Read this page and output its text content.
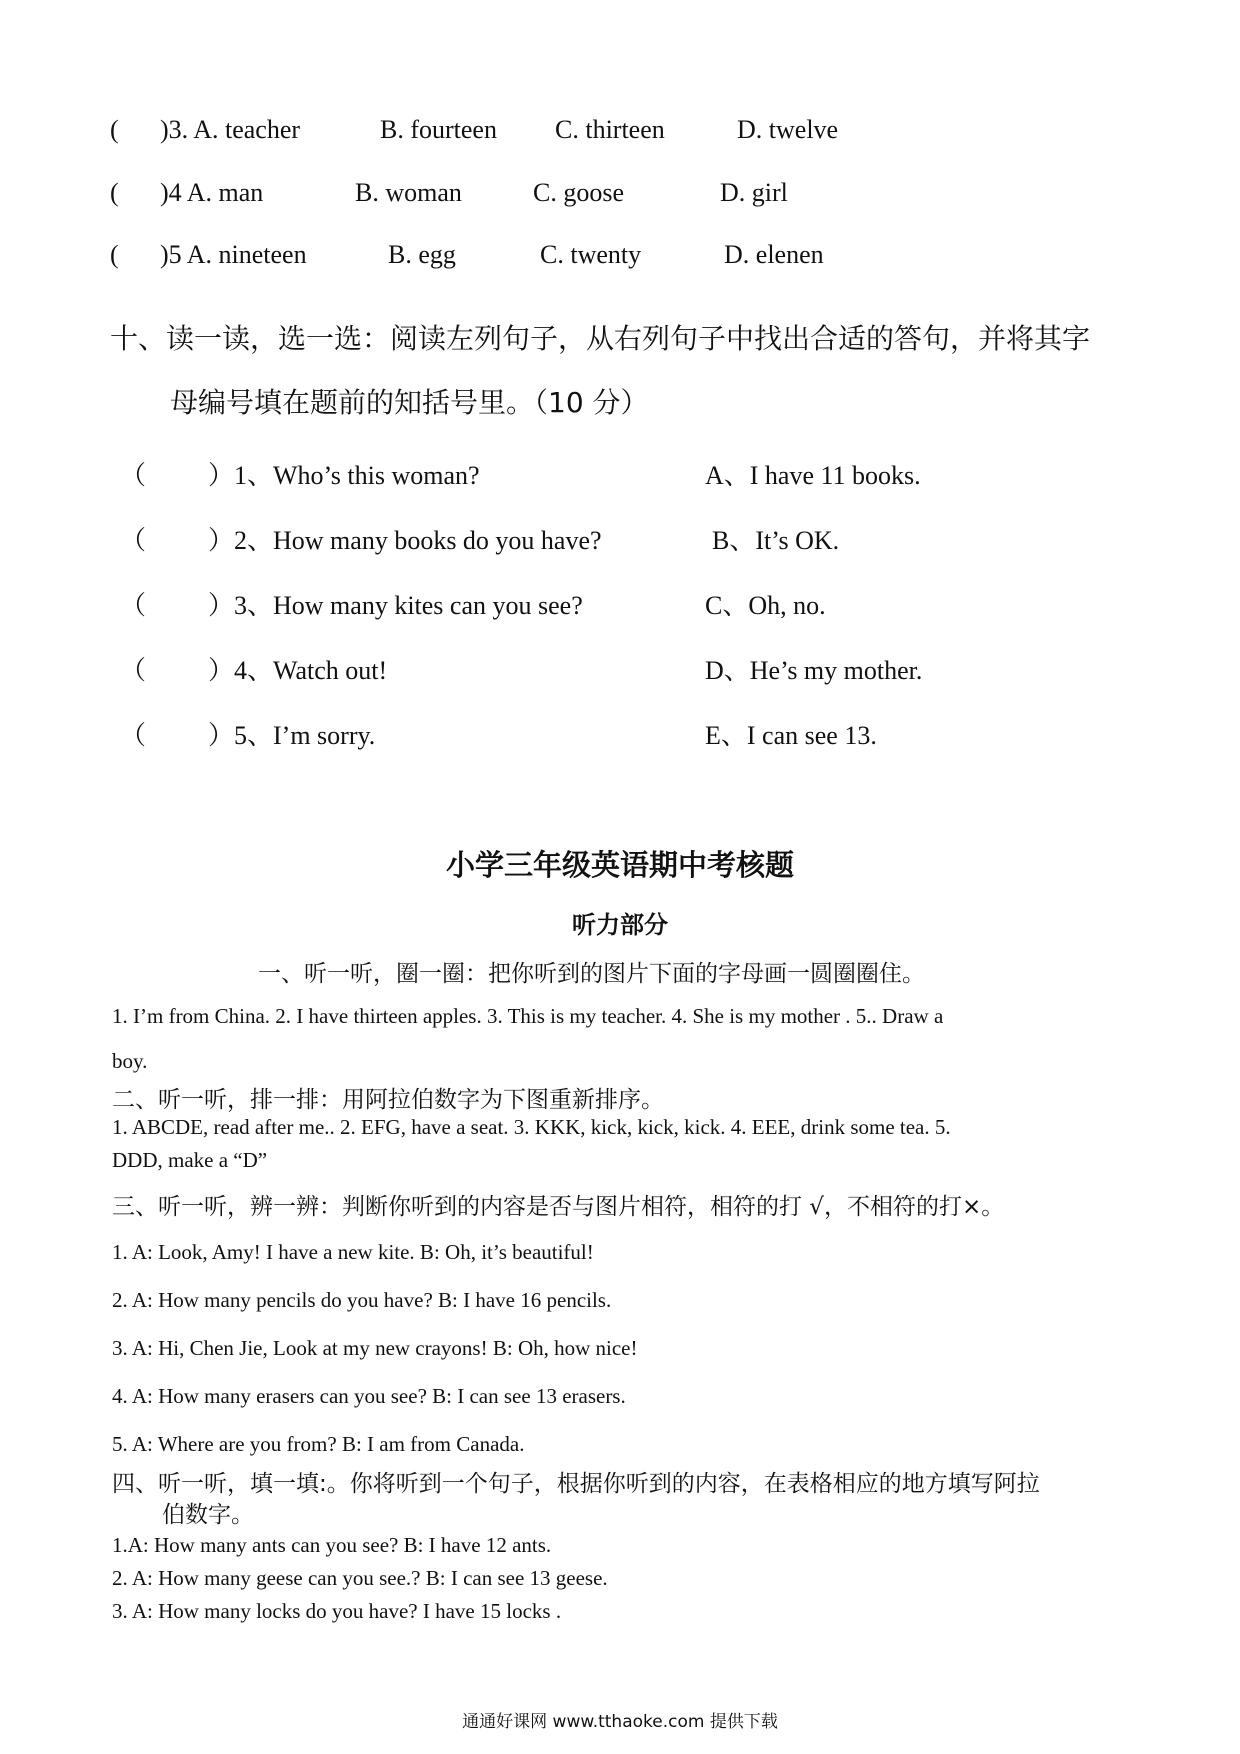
( )3. A. teacher	B. fourteen C. thirteen	D. twelve
( )4 A. man	B. woman	C. goose	D. girl
( )5 A. nineteen	B. egg	C. twenty	D. elenen
十、读一读，选一选：阅读左列句子，从右列句子中找出合适的答句，并将其字
母编号填在题前的知括号里。（10 分）
（ ）1、Who’s this woman?	A、I have 11 books.
（ ）2、How many books do you have?	B、It’s OK.
（ ）3、How many kites can you see?	C、Oh, no.
（ ）4、Watch out!	D、He’s my mother.
（ ）5、I’m sorry.	E、I can see 13.
小学三年级英语期中考核题
听力部分
一、听一听，圈一圈：把你听到的图片下面的字母画一圆圈圈住。
1. I’m from China. 2. I have thirteen apples. 3. This is my teacher. 4. She is my mother . 5.. Draw a
boy.
二、听一听，排一排：用阿拉伯数字为下图重新排序。
1. ABCDE, read after me.. 2. EFG, have a seat. 3. KKK, kick, kick, kick. 4. EEE, drink some tea. 5.
DDD, make a “D”
三、听一听，辨一辨：判断你听到的内容是否与图片相符，相符的打 √，不相符的打×。
1. A: Look, Amy! I have a new kite. B: Oh, it’s beautiful!
2. A: How many pencils do you have? B: I have 16 pencils.
3. A: Hi, Chen Jie, Look at my new crayons! B: Oh, how nice!
4. A: How many erasers can you see? B: I can see 13 erasers.
5. A: Where are you from? B: I am from Canada.
四、听一听，填一填:。你将听到一个句子，根据你听到的内容，在表格相应的地方填写阿拉
伯数字。
1.A: How many ants can you see? B: I have 12 ants.
2. A: How many geese can you see.? B: I can see 13 geese.
3. A: How many locks do you have? I have 15 locks .
通通好课网 www.tthaoke.com 提供下载
